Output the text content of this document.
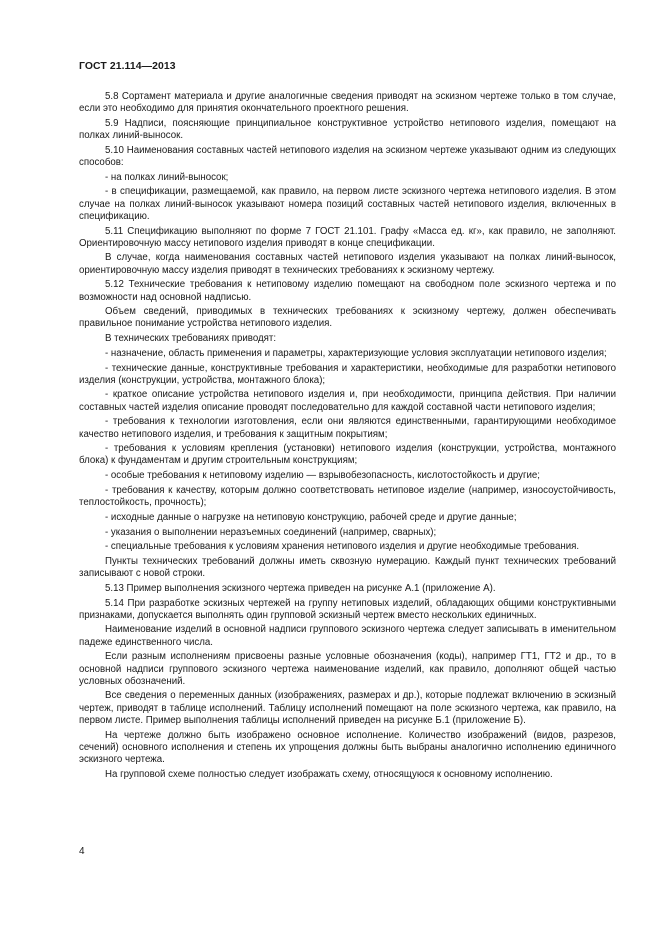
ГОСТ 21.114—2013

5.8 Сортамент материала и другие аналогичные сведения приводят на эскизном чертеже только в том случае, если это необходимо для принятия окончательного проектного решения.

5.9 Надписи, поясняющие принципиальное конструктивное устройство нетипового изделия, помещают на полках линий-выносок.

5.10 Наименования составных частей нетипового изделия на эскизном чертеже указывают одним из следующих способов:

- на полках линий-выносок;

- в спецификации, размещаемой, как правило, на первом листе эскизного чертежа нетипового изделия. В этом случае на полках линий-выносок указывают номера позиций составных частей нетипового изделия, включенных в спецификацию.

5.11 Спецификацию выполняют по форме 7 ГОСТ 21.101. Графу «Масса ед. кг», как правило, не заполняют. Ориентировочную массу нетипового изделия приводят в конце спецификации.

В случае, когда наименования составных частей нетипового изделия указывают на полках линий-выносок, ориентировочную массу изделия приводят в технических требованиях к эскизному чертежу.

5.12 Технические требования к нетиповому изделию помещают на свободном поле эскизного чертежа и по возможности над основной надписью.

Объем сведений, приводимых в технических требованиях к эскизному чертежу, должен обеспечивать правильное понимание устройства нетипового изделия.

В технических требованиях приводят:

- назначение, область применения и параметры, характеризующие условия эксплуатации нетипового изделия;

- технические данные, конструктивные требования и характеристики, необходимые для разработки нетипового изделия (конструкции, устройства, монтажного блока);

- краткое описание устройства нетипового изделия и, при необходимости, принципа действия. При наличии составных частей изделия описание проводят последовательно для каждой составной части нетипового изделия;

- требования к технологии изготовления, если они являются единственными, гарантирующими необходимое качество нетипового изделия, и требования к защитным покрытиям;

- требования к условиям крепления (установки) нетипового изделия (конструкции, устройства, монтажного блока) к фундаментам и другим строительным конструкциям;

- особые требования к нетиповому изделию — взрывобезопасность, кислотостойкость и другие;

- требования к качеству, которым должно соответствовать нетиповое изделие (например, износоустойчивость, теплостойкость, прочность);

- исходные данные о нагрузке на нетиповую конструкцию, рабочей среде и другие данные;

- указания о выполнении неразъемных соединений (например, сварных);

- специальные требования к условиям хранения нетипового изделия и другие необходимые требования.

Пункты технических требований должны иметь сквозную нумерацию. Каждый пункт технических требований записывают с новой строки.

5.13 Пример выполнения эскизного чертежа приведен на рисунке А.1 (приложение А).

5.14 При разработке эскизных чертежей на группу нетиповых изделий, обладающих общими конструктивными признаками, допускается выполнять один групповой эскизный чертеж вместо нескольких единичных.

Наименование изделий в основной надписи группового эскизного чертежа следует записывать в именительном падеже единственного числа.

Если разным исполнениям присвоены разные условные обозначения (коды), например ГТ1, ГТ2 и др., то в основной надписи группового эскизного чертежа наименование изделий, как правило, дополняют общей частью условных обозначений.

Все сведения о переменных данных (изображениях, размерах и др.), которые подлежат включению в эскизный чертеж, приводят в таблице исполнений. Таблицу исполнений помещают на поле эскизного чертежа, как правило, на первом листе. Пример выполнения таблицы исполнений приведен на рисунке Б.1 (приложение Б).

На чертеже должно быть изображено основное исполнение. Количество изображений (видов, разрезов, сечений) основного исполнения и степень их упрощения должны быть выбраны аналогично исполнению единичного эскизного чертежа.

На групповой схеме полностью следует изображать схему, относящуюся к основному исполнению.

4
